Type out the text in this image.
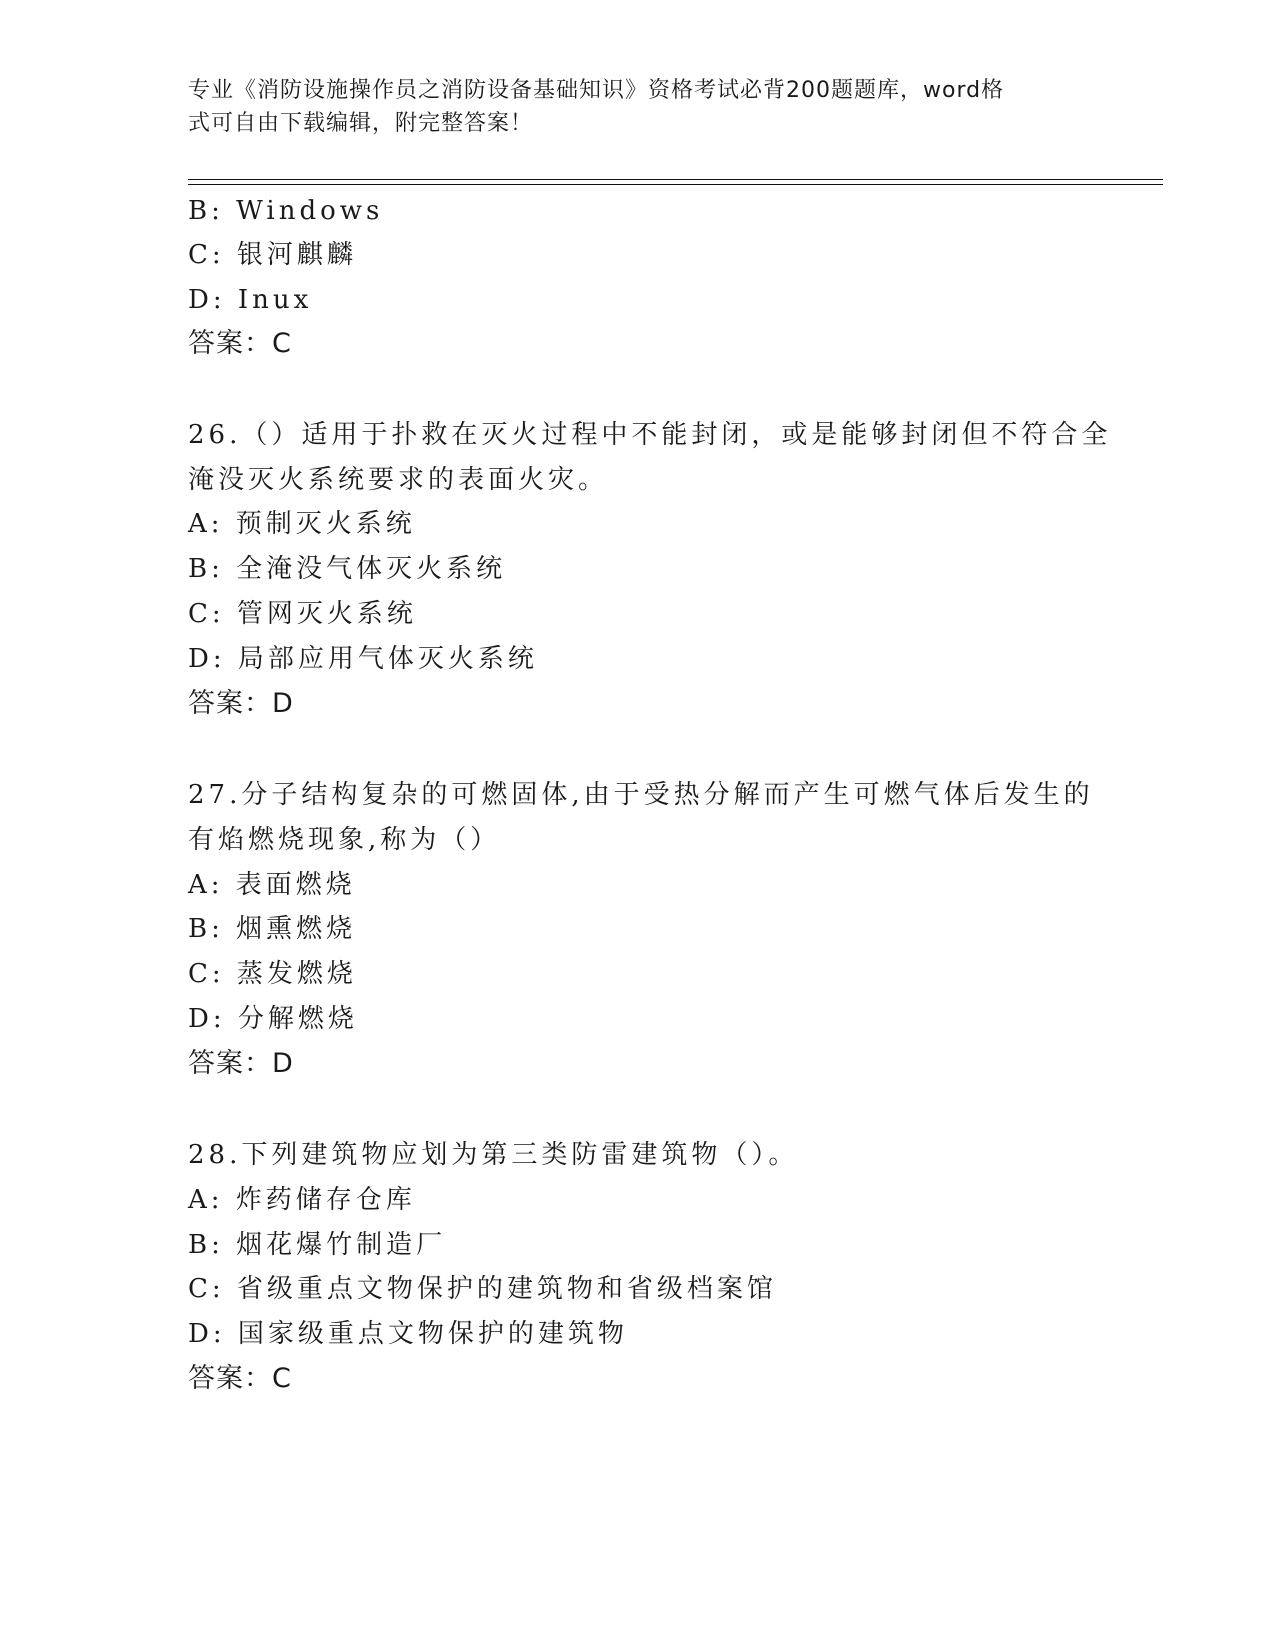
专业《消防设施操作员之消防设备基础知识》资格考试必背200题题库，word格
式可自由下载编辑，附完整答案！
B: Windows
C: 银河麒麟
D: Inux
答案：C
26.（）适用于扑救在灭火过程中不能封闭，或是能够封闭但不符合全
淹没灭火系统要求的表面火灾。
A: 预制灭火系统
B: 全淹没气体灭火系统
C: 管网灭火系统
D: 局部应用气体灭火系统
答案：D
27.分子结构复杂的可燃固体,由于受热分解而产生可燃气体后发生的
有焰燃烧现象,称为（）
A: 表面燃烧
B: 烟熏燃烧
C: 蒸发燃烧
D: 分解燃烧
答案：D
28.下列建筑物应划为第三类防雷建筑物（）。
A: 炸药储存仓库
B: 烟花爆竹制造厂
C: 省级重点文物保护的建筑物和省级档案馆
D: 国家级重点文物保护的建筑物
答案：C
